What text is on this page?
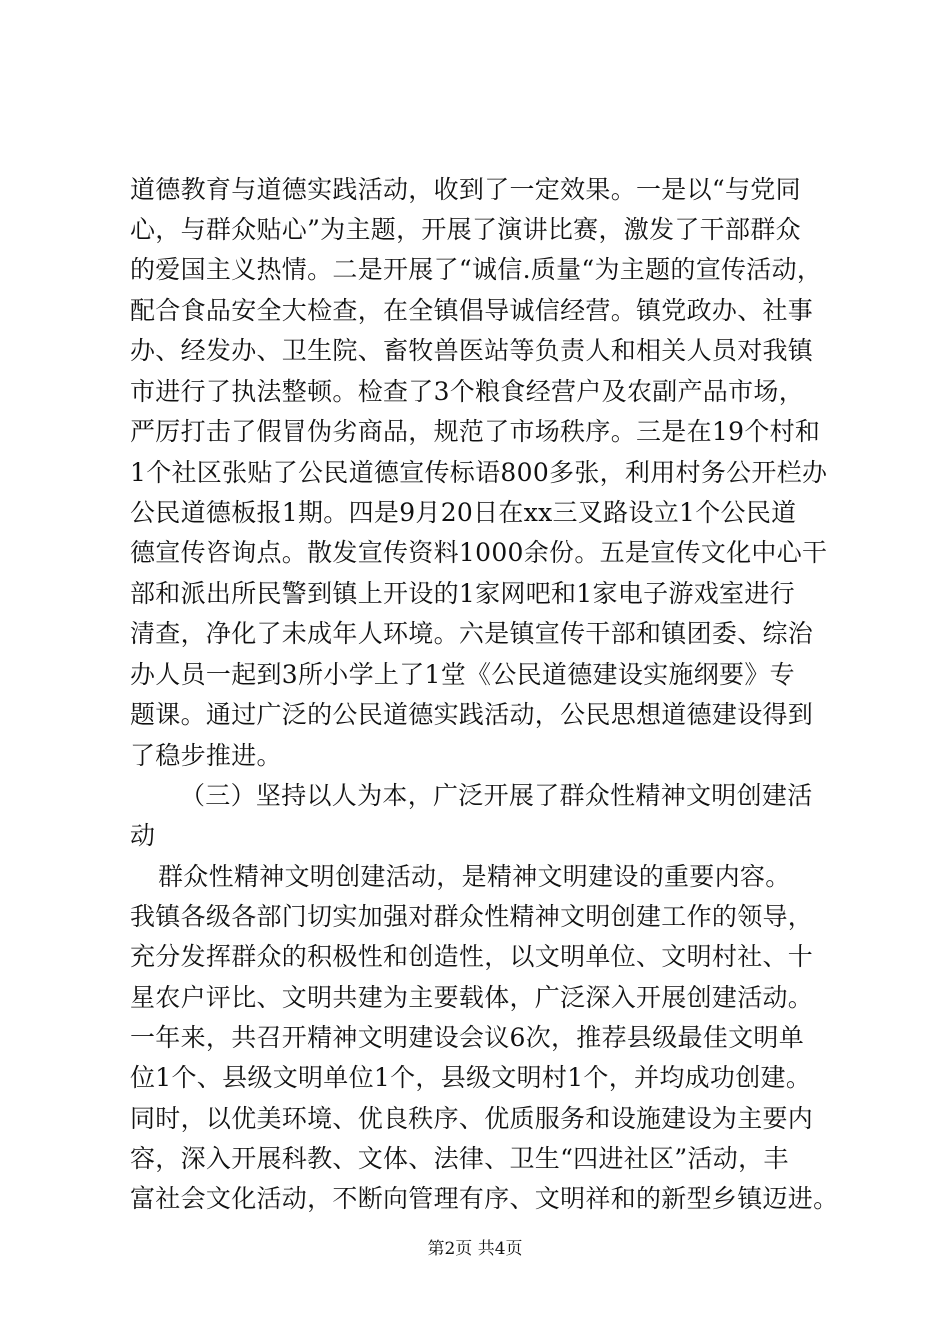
道德教育与道德实践活动，收到了一定效果。一是以“与党同
心，与群众贴心”为主题，开展了演讲比赛，激发了干部群众
的爱国主义热情。二是开展了“诚信.质量“为主题的宣传活动，
配合食品安全大检查，在全镇倡导诚信经营。镇党政办、社事
办、经发办、卫生院、畜牧兽医站等负责人和相关人员对我镇
市进行了执法整顿。检查了3个粮食经营户及农副产品市场，
严厉打击了假冒伪劣商品，规范了市场秩序。三是在19个村和
1个社区张贴了公民道德宣传标语800多张，利用村务公开栏办
公民道德板报1期。四是9月20日在xx三叉路设立1个公民道
德宣传咨询点。散发宣传资料1000余份。五是宣传文化中心干
部和派出所民警到镇上开设的1家网吧和1家电子游戏室进行
清查，净化了未成年人环境。六是镇宣传干部和镇团委、综治
办人员一起到3所小学上了1堂《公民道德建设实施纲要》专
题课。通过广泛的公民道德实践活动，公民思想道德建设得到
了稳步推进。
（三）坚持以人为本，广泛开展了群众性精神文明创建活
动
群众性精神文明创建活动，是精神文明建设的重要内容。
我镇各级各部门切实加强对群众性精神文明创建工作的领导，
充分发挥群众的积极性和创造性，以文明单位、文明村社、十
星农户评比、文明共建为主要载体，广泛深入开展创建活动。
一年来，共召开精神文明建设会议6次，推荐县级最佳文明单
位1个、县级文明单位1个，县级文明村1个，并均成功创建。
同时，以优美环境、优良秩序、优质服务和设施建设为主要内
容，深入开展科教、文体、法律、卫生“四进社区”活动，丰
富社会文化活动，不断向管理有序、文明祥和的新型乡镇迈进。
第2页 共4页
